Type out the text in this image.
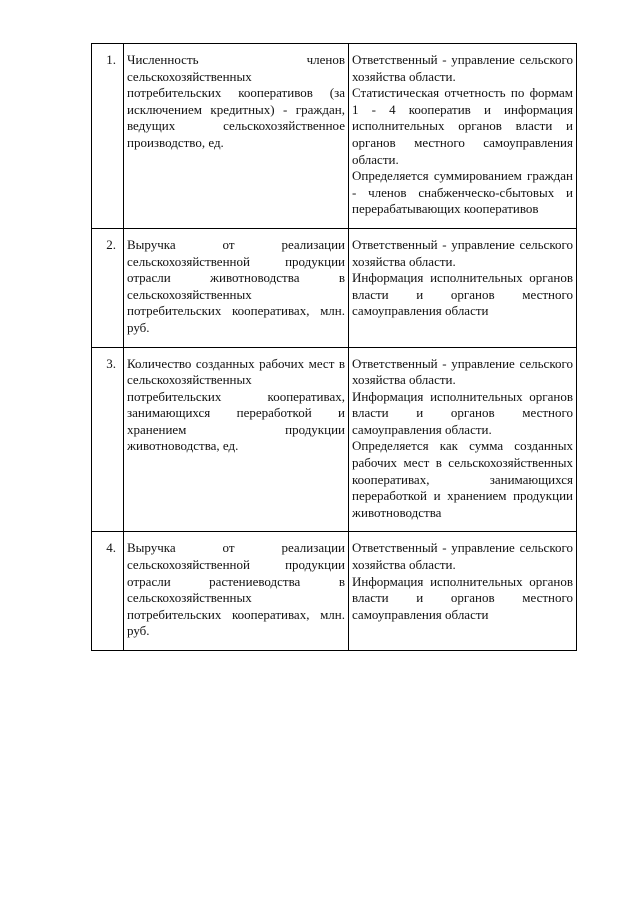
1.	Численность членов сельскохозяйственных потребительских кооперативов (за исключением кредитных) - граждан, ведущих сельскохозяйственное производство, ед.	Ответственный - управление сельского хозяйства области.

Статистическая отчетность по формам 1 - 4 кооператив и информация исполнительных органов власти и органов местного самоуправления области.

Определяется суммированием граждан - членов снабженческо-сбытовых и перерабатывающих кооперативов

2.	Выручка от реализации сельскохозяйственной продукции отрасли животноводства в сельскохозяйственных потребительских кооперативах, млн. руб.	Ответственный - управление сельского хозяйства области.

Информация исполнительных органов власти и органов местного самоуправления области

3.	Количество созданных рабочих мест в сельскохозяйственных потребительских кооперативах, занимающихся переработкой и хранением продукции животноводства, ед.	Ответственный - управление сельского хозяйства области.

Информация исполнительных органов власти и органов местного самоуправления области.

Определяется как сумма созданных рабочих мест в сельскохозяйственных кооперативах, занимающихся переработкой и хранением продукции животноводства

4.	Выручка от реализации сельскохозяйственной продукции отрасли растениеводства в сельскохозяйственных потребительских кооперативах, млн. руб.	Ответственный - управление сельского хозяйства области.

Информация исполнительных органов власти и органов местного самоуправления области
